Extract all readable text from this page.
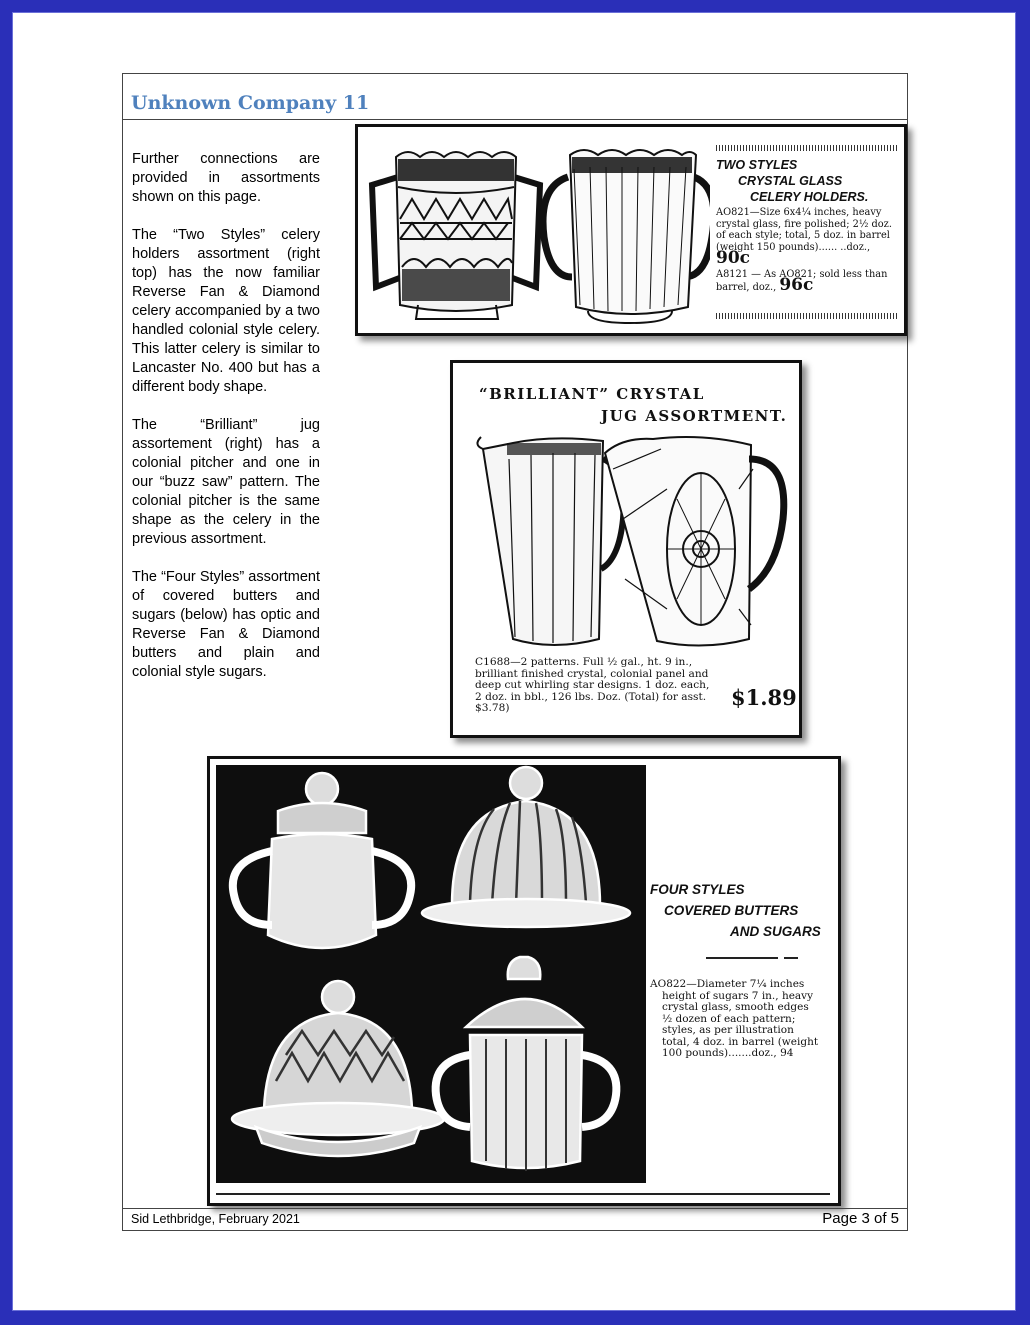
Unknown Company 11

Further connections are provided in assortments shown on this page.

The “Two Styles” celery holders assortment (right top) has the now familiar Reverse Fan & Diamond celery accompanied by a two handled colonial style celery. This latter celery is similar to Lancaster No. 400 but has a different body shape.

The “Brilliant” jug assortement (right) has a colonial pitcher and one in our “buzz saw” pattern. The colonial pitcher is the same shape as the celery in the previous assortment.

The “Four Styles” assortment of covered butters and sugars (below) has optic and Reverse Fan & Diamond butters and plain and colonial style sugars.

TWO STYLES
CRYSTAL GLASS
CELERY HOLDERS.
AO821—Size 6x4¼ inches, heavy crystal glass, fire polished; 2½ doz. of each style; total, 5 doz. in barrel (weight 150 pounds)...... ..doz., 90c
A8121 — As AO821; sold less than barrel, doz., 96c
“BRILLIANT” CRYSTAL
JUG ASSORTMENT.
C1688—2 patterns. Full ½ gal., ht. 9 in., brilliant finished crystal, colonial panel and deep cut whirling star designs. 1 doz. each, 2 doz. in bbl., 126 lbs. Doz. (Total) for asst. $3.78)	$1.89
FOUR STYLES
COVERED BUTTERS
AND SUGARS
AO822—Diameter 7¼ inches
height of sugars 7 in., heavy
crystal glass, smooth edges
½ dozen of each pattern;
styles, as per illustration
total, 4 doz. in barrel (weight
100 pounds).......doz., 94
Sid Lethbridge, February 2021	Page 3 of 5
